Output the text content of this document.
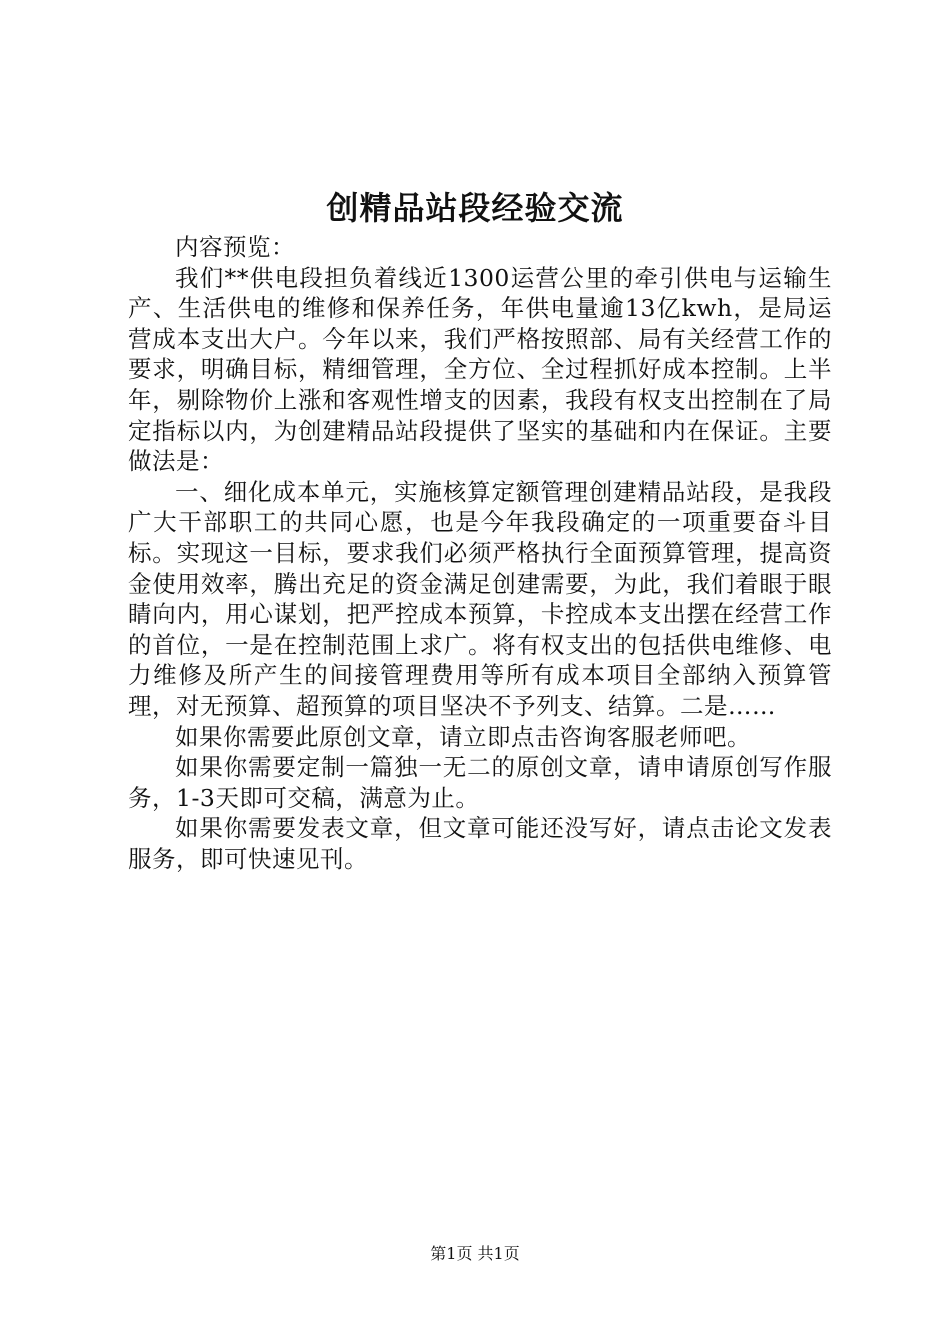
创精品站段经验交流

内容预览：

我们**供电段担负着线近1300运营公里的牵引供电与运输生产、生活供电的维修和保养任务，年供电量逾13亿kwh，是局运营成本支出大户。今年以来，我们严格按照部、局有关经营工作的要求，明确目标，精细管理，全方位、全过程抓好成本控制。上半年，剔除物价上涨和客观性增支的因素，我段有权支出控制在了局定指标以内，为创建精品站段提供了坚实的基础和内在保证。主要做法是：

一、细化成本单元，实施核算定额管理创建精品站段，是我段广大干部职工的共同心愿，也是今年我段确定的一项重要奋斗目标。实现这一目标，要求我们必须严格执行全面预算管理，提高资金使用效率，腾出充足的资金满足创建需要，为此，我们着眼于眼睛向内，用心谋划，把严控成本预算，卡控成本支出摆在经营工作的首位，一是在控制范围上求广。将有权支出的包括供电维修、电力维修及所产生的间接管理费用等所有成本项目全部纳入预算管理，对无预算、超预算的项目坚决不予列支、结算。二是……

如果你需要此原创文章，请立即点击咨询客服老师吧。

如果你需要定制一篇独一无二的原创文章，请申请原创写作服务，1-3天即可交稿，满意为止。

如果你需要发表文章，但文章可能还没写好，请点击论文发表服务，即可快速见刊。

第1页 共1页
